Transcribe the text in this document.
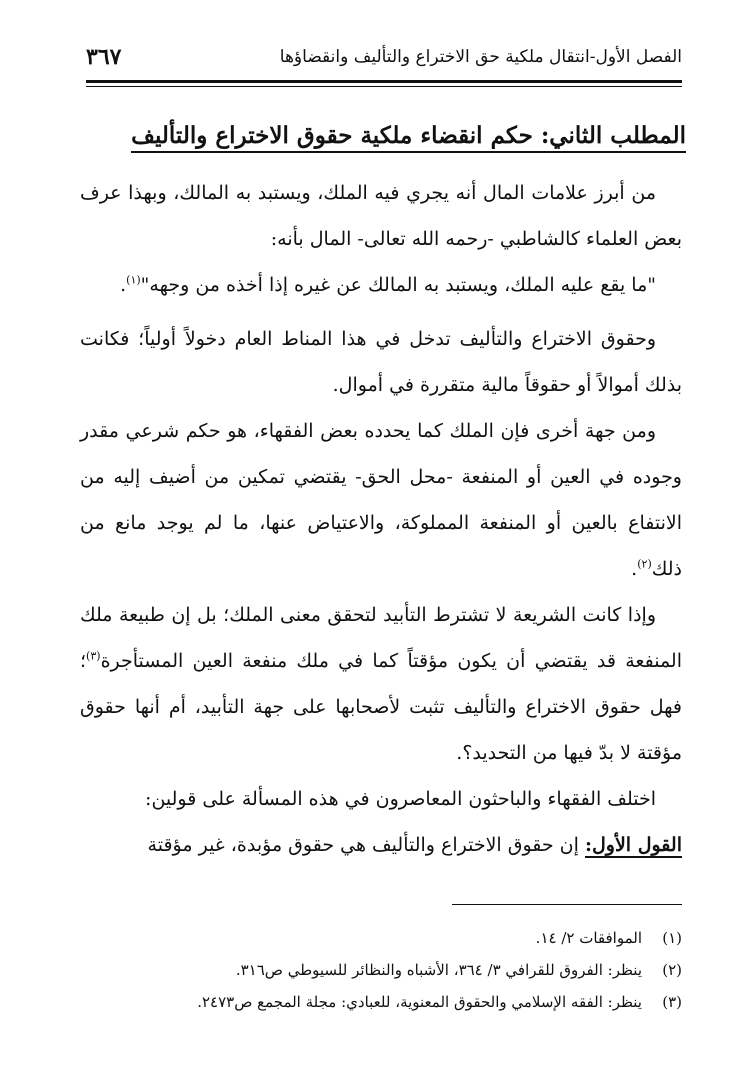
الفصل الأول-انتقال ملكية حق الاختراع والتأليف وانقضاؤها
٣٦٧
المطلب الثاني: حكم انقضاء ملكية حقوق الاختراع والتأليف

من أبرز علامات المال أنه يجري فيه الملك، ويستبد به المالك، وبهذا عرف بعض العلماء كالشاطبي -رحمه الله تعالى- المال بأنه:

"ما يقع عليه الملك، ويستبد به المالك عن غيره إذا أخذه من وجهه"$^{(١)}$.

وحقوق الاختراع والتأليف تدخل في هذا المناط العام دخولاً أولياً؛ فكانت بذلك أموالاً أو حقوقاً مالية متقررة في أموال.

ومن جهة أخرى فإن الملك كما يحدده بعض الفقهاء، هو حكم شرعي مقدر وجوده في العين أو المنفعة -محل الحق- يقتضي تمكين من أضيف إليه من الانتفاع بالعين أو المنفعة المملوكة، والاعتياض عنها، ما لم يوجد مانع من ذلك$^{(٢)}$.

وإذا كانت الشريعة لا تشترط التأبيد لتحقق معنى الملك؛ بل إن طبيعة ملك المنفعة قد يقتضي أن يكون مؤقتاً كما في ملك منفعة العين المستأجرة$^{(٣)}$؛ فهل حقوق الاختراع والتأليف تثبت لأصحابها على جهة التأبيد، أم أنها حقوق مؤقتة لا بدّ فيها من التحديد؟.

اختلف الفقهاء والباحثون المعاصرون في هذه المسألة على قولين:

القول الأول: إن حقوق الاختراع والتأليف هي حقوق مؤبدة، غير مؤقتة

(١)
الموافقات ٢/ ١٤.
(٢)
ينظر: الفروق للقرافي ٣/ ٣٦٤، الأشباه والنظائر للسيوطي ص٣١٦.
(٣)
ينظر: الفقه الإسلامي والحقوق المعنوية، للعبادي: مجلة المجمع ص٢٤٧٣.
